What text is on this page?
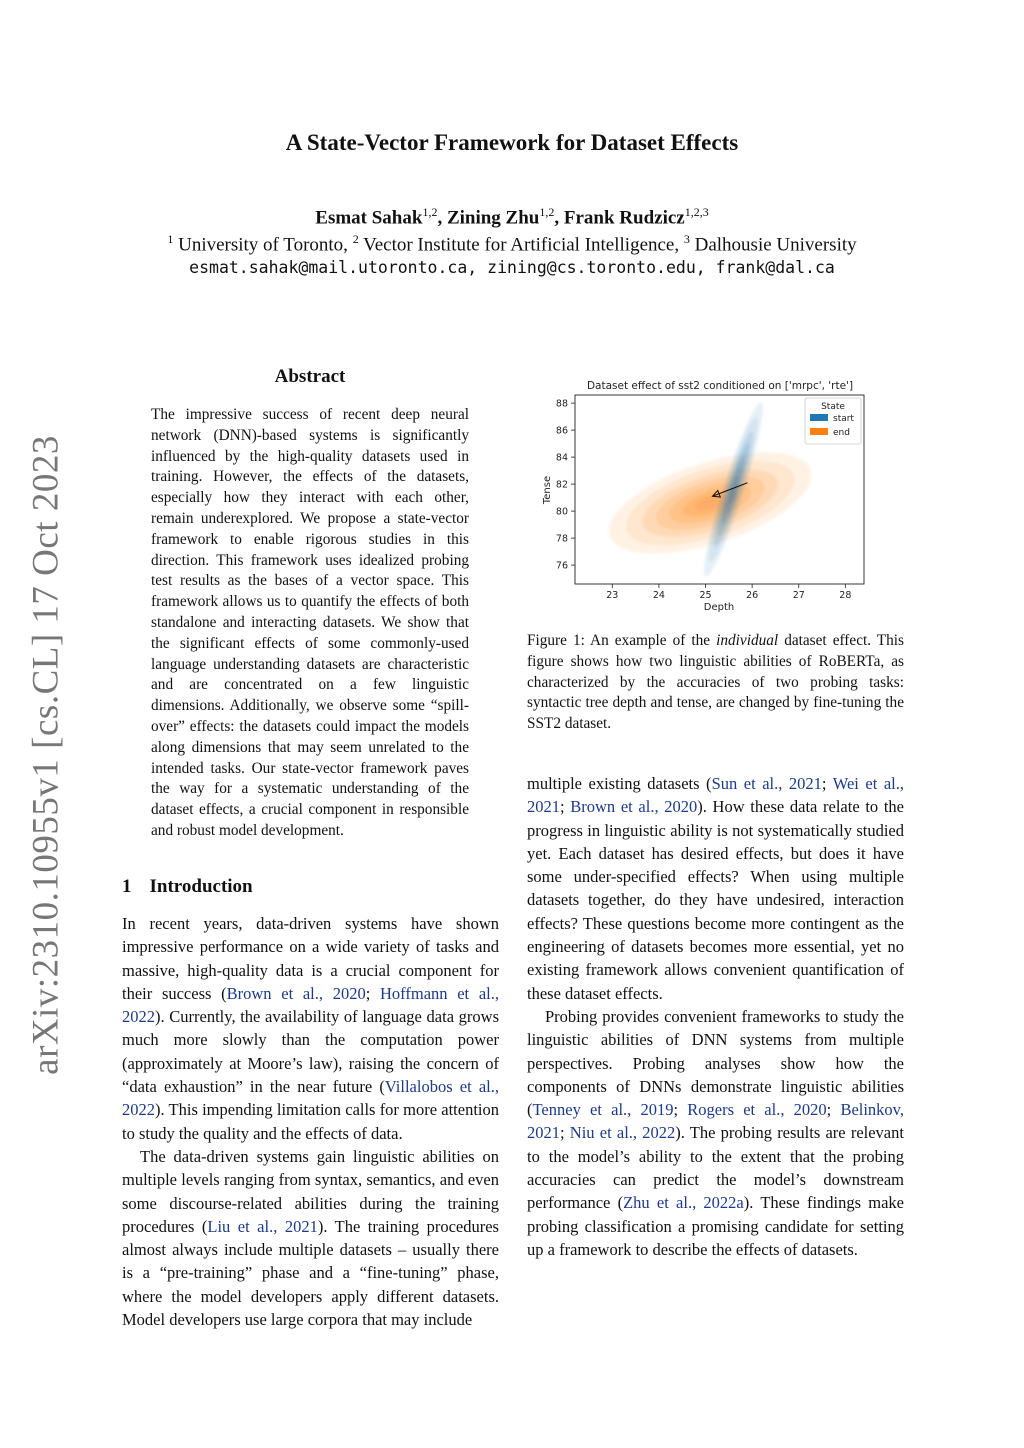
arXiv:2310.10955v1 [cs.CL] 17 Oct 2023
A State-Vector Framework for Dataset Effects
Esmat Sahak$^{1,2}$, Zining Zhu$^{1,2}$, Frank Rudzicz$^{1,2,3}$
$^1$ University of Toronto, $^2$ Vector Institute for Artificial Intelligence, $^3$ Dalhousie University
esmat.sahak@mail.utoronto.ca, zining@cs.toronto.edu, frank@dal.ca
Abstract
The impressive success of recent deep neural network (DNN)-based systems is significantly influenced by the high-quality datasets used in training. However, the effects of the datasets, especially how they interact with each other, remain underexplored. We propose a state-vector framework to enable rigorous studies in this direction. This framework uses idealized probing test results as the bases of a vector space. This framework allows us to quantify the effects of both standalone and interacting datasets. We show that the significant effects of some commonly-used language understanding datasets are characteristic and are concentrated on a few linguistic dimensions. Additionally, we observe some “spill-over” effects: the datasets could impact the models along dimensions that may seem unrelated to the intended tasks. Our state-vector framework paves the way for a systematic understanding of the dataset effects, a crucial component in responsible and robust model development.
1 Introduction

In recent years, data-driven systems have shown impressive performance on a wide variety of tasks and massive, high-quality data is a crucial component for their success (Brown et al., 2020; Hoffmann et al., 2022). Currently, the availability of language data grows much more slowly than the computation power (approximately at Moore’s law), raising the concern of “data exhaustion” in the near future (Villalobos et al., 2022). This impending limitation calls for more attention to study the quality and the effects of data.

The data-driven systems gain linguistic abilities on multiple levels ranging from syntax, semantics, and even some discourse-related abilities during the training procedures (Liu et al., 2021). The training procedures almost always include multiple datasets – usually there is a “pre-training” phase and a “fine-tuning” phase, where the model developers apply different datasets. Model developers use large corpora that may include

Dataset effect of sst2 conditioned on ['mrpc', 'rte']
23	24	25	26	27	28
76
78
80
82
84
86
88
Depth
Tense
State
start
end
Figure 1: An example of the individual dataset effect. This figure shows how two linguistic abilities of RoBERTa, as characterized by the accuracies of two probing tasks: syntactic tree depth and tense, are changed by fine-tuning the SST2 dataset.

multiple existing datasets (Sun et al., 2021; Wei et al., 2021; Brown et al., 2020). How these data relate to the progress in linguistic ability is not systematically studied yet. Each dataset has desired effects, but does it have some under-specified effects? When using multiple datasets together, do they have undesired, interaction effects? These questions become more contingent as the engineering of datasets becomes more essential, yet no existing framework allows convenient quantification of these dataset effects.

Probing provides convenient frameworks to study the linguistic abilities of DNN systems from multiple perspectives. Probing analyses show how the components of DNNs demonstrate linguistic abilities (Tenney et al., 2019; Rogers et al., 2020; Belinkov, 2021; Niu et al., 2022). The probing results are relevant to the model’s ability to the extent that the probing accuracies can predict the model’s downstream performance (Zhu et al., 2022a). These findings make probing classification a promising candidate for setting up a framework to describe the effects of datasets.
